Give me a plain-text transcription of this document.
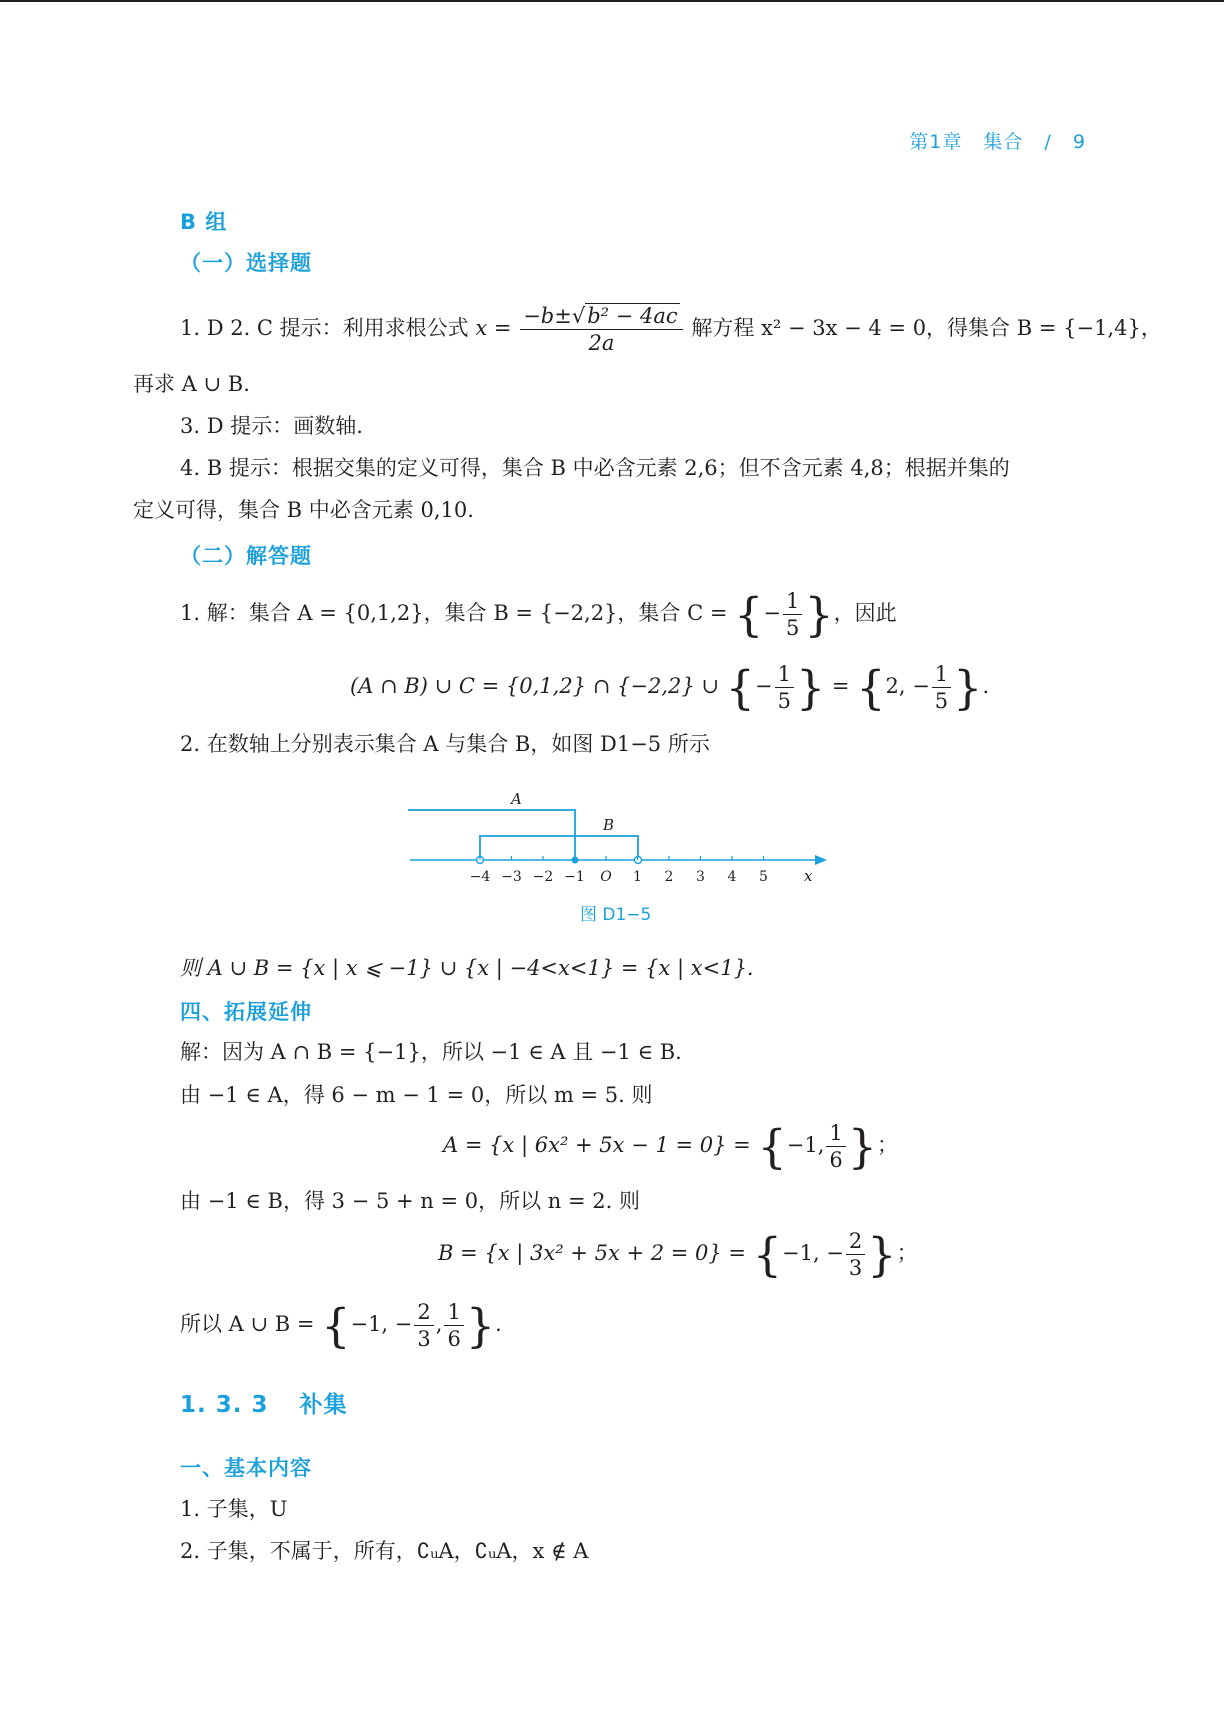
第1章 集合 / 9
B 组
（一）选择题
1. D 2. C 提示：利用求根公式 $x = \frac{\text{−b±√b² − 4ac}}{2a}$ 解方程 x² − 3x − 4 = 0，得集合 B = {−1,4}，
再求 A ∪ B.
3. D 提示：画数轴.
4. B 提示：根据交集的定义可得，集合 B 中必含元素 2,6；但不含元素 4,8；根据并集的
定义可得，集合 B 中必含元素 0,10.
（二）解答题
1. 解：集合 A = {0,1,2}，集合 B = {−2,2}，集合 C = {− $\frac{1}{5}$ }，因此
(A ∩ B) ∪ C = {0,1,2} ∩ {−2,2} ∪ {− $\frac{1}{5}$ } = {2, − $\frac{1}{5}$ }.
2. 在数轴上分别表示集合 A 与集合 B，如图 D1−5 所示
−4 −3 −2 −1 O 1 2 3 4 5
A
B
x
图 D1−5
则 A ∪ B = {x | x ⩽ −1} ∪ {x | −4<x<1} = {x | x<1}.
四、拓展延伸
解：因为 A ∩ B = {−1}，所以 −1 ∈ A 且 −1 ∈ B.
由 −1 ∈ A，得 6 − m − 1 = 0，所以 m = 5. 则
A = {x | 6x² + 5x − 1 = 0} = {−1, $\frac{1}{6}$ }；
由 −1 ∈ B，得 3 − 5 + n = 0，所以 n = 2. 则
B = {x | 3x² + 5x + 2 = 0} = {−1, − $\frac{2}{3}$ }；
所以 A ∪ B = {−1, − $\frac{2}{3}$ , $\frac{1}{6}$ }.
1. 3. 3 补集
一、基本内容
1. 子集，U
2. 子集，不属于，所有，∁ᵤA，∁ᵤA，x ∉ A
